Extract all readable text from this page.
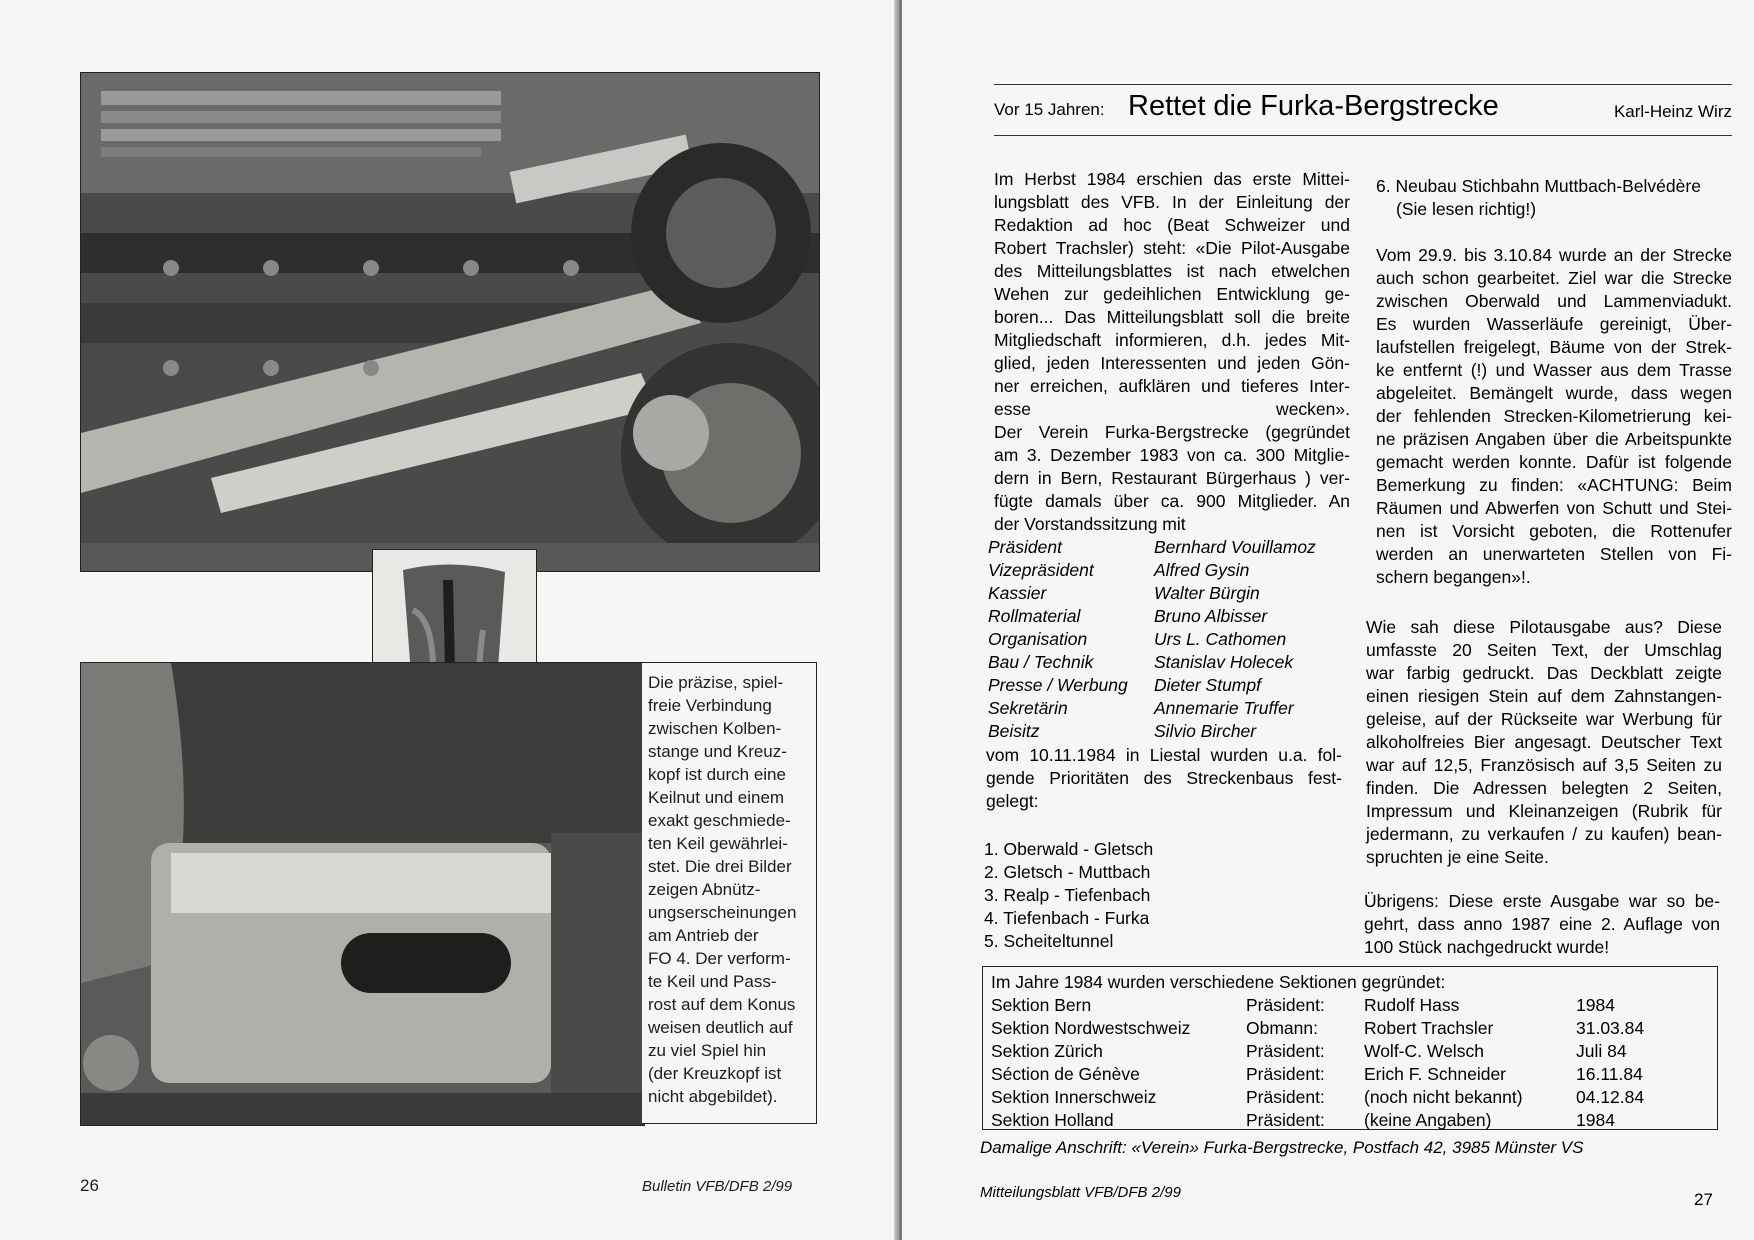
Die präzise, spiel-
freie Verbindung
zwischen Kolben-
stange und Kreuz-
kopf ist durch eine
Keilnut und einem
exakt geschmiede-
ten Keil gewährlei-
stet. Die drei Bilder
zeigen Abnütz-
ungserscheinungen
am Antrieb der
FO 4. Der verform-
te Keil und Pass-
rost auf dem Konus
weisen deutlich auf
zu viel Spiel hin
(der Kreuzkopf ist
nicht abgebildet).
26	Bulletin VFB/DFB 2/99
Vor 15 Jahren: Rettet die Furka-Bergstrecke	Karl-Heinz Wirz
Im Herbst 1984 erschien das erste Mittei-
lungsblatt des VFB. In der Einleitung der
Redaktion ad hoc (Beat Schweizer und
Robert Trachsler) steht: «Die Pilot-Ausgabe
des Mitteilungsblattes ist nach etwelchen
Wehen zur gedeihlichen Entwicklung ge-
boren... Das Mitteilungsblatt soll die breite
Mitgliedschaft informieren, d.h. jedes Mit-
glied, jeden Interessenten und jeden Gön-
ner erreichen, aufklären und tieferes Inter-
esse wecken».
Der Verein Furka-Bergstrecke (gegründet
am 3. Dezember 1983 von ca. 300 Mitglie-
dern in Bern, Restaurant Bürgerhaus ) ver-
fügte damals über ca. 900 Mitglieder. An
der Vorstandssitzung mit
Präsident	Bernhard Vouillamoz
Vizepräsident	Alfred Gysin
Kassier	Walter Bürgin
Rollmaterial	Bruno Albisser
Organisation	Urs L. Cathomen
Bau / Technik	Stanislav Holecek
Presse / Werbung	Dieter Stumpf
Sekretärin	Annemarie Truffer
Beisitz	Silvio Bircher
vom 10.11.1984 in Liestal wurden u.a. fol-
gende Prioritäten des Streckenbaus fest-
gelegt:
1. Oberwald - Gletsch
2. Gletsch - Muttbach
3. Realp - Tiefenbach
4. Tiefenbach - Furka
5. Scheiteltunnel
6. Neubau Stichbahn Muttbach-Belvédère
(Sie lesen richtig!)
Vom 29.9. bis 3.10.84 wurde an der Strecke
auch schon gearbeitet. Ziel war die Strecke
zwischen Oberwald und Lammenviadukt.
Es wurden Wasserläufe gereinigt, Über-
laufstellen freigelegt, Bäume von der Strek-
ke entfernt (!) und Wasser aus dem Trasse
abgeleitet. Bemängelt wurde, dass wegen
der fehlenden Strecken-Kilometrierung kei-
ne präzisen Angaben über die Arbeitspunkte
gemacht werden konnte. Dafür ist folgende
Bemerkung zu finden: «ACHTUNG: Beim
Räumen und Abwerfen von Schutt und Stei-
nen ist Vorsicht geboten, die Rottenufer
werden an unerwarteten Stellen von Fi-
schern begangen»!.
Wie sah diese Pilotausgabe aus? Diese
umfasste 20 Seiten Text, der Umschlag
war farbig gedruckt. Das Deckblatt zeigte
einen riesigen Stein auf dem Zahnstangen-
geleise, auf der Rückseite war Werbung für
alkoholfreies Bier angesagt. Deutscher Text
war auf 12,5, Französisch auf 3,5 Seiten zu
finden. Die Adressen belegten 2 Seiten,
Impressum und Kleinanzeigen (Rubrik für
jedermann, zu verkaufen / zu kaufen) bean-
spruchten je eine Seite.
Übrigens: Diese erste Ausgabe war so be-
gehrt, dass anno 1987 eine 2. Auflage von
100 Stück nachgedruckt wurde!
Im Jahre 1984 wurden verschiedene Sektionen gegründet:
Sektion Bern	Präsident:	Rudolf Hass	1984
Sektion Nordwestschweiz	Obmann:	Robert Trachsler	31.03.84
Sektion Zürich	Präsident:	Wolf-C. Welsch	Juli 84
Séction de Génève	Präsident:	Erich F. Schneider	16.11.84
Sektion Innerschweiz	Präsident:	(noch nicht bekannt)	04.12.84
Sektion Holland	Präsident:	(keine Angaben)	1984
Damalige Anschrift: «Verein» Furka-Bergstrecke, Postfach 42, 3985 Münster VS
Mitteilungsblatt VFB/DFB 2/99	27
